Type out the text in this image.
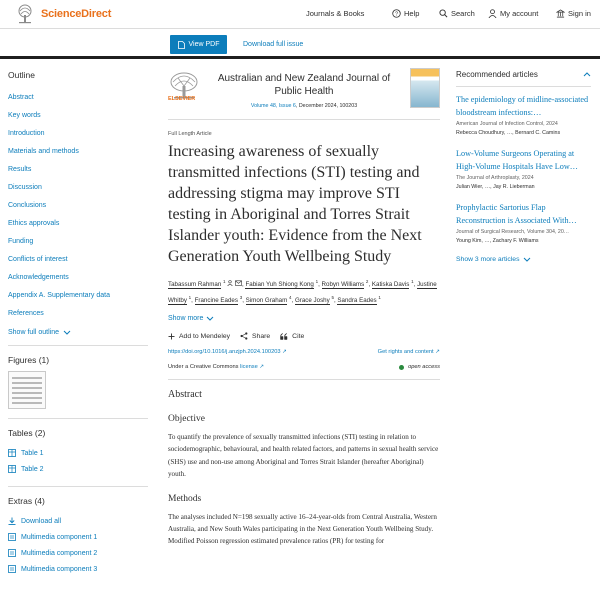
ScienceDirect	Journals & Books	? Help	Search	My account	Sign in
View PDF	Download full issue
Outline
Abstract
Key words
Introduction
Materials and methods
Results
Discussion
Conclusions
Ethics approvals
Funding
Conflicts of interest
Acknowledgements
Appendix A. Supplementary data
References
Show full outline
Figures (1)
Tables (2)
Table 1
Table 2
Extras (4)
Download all
Multimedia component 1
Multimedia component 2
Multimedia component 3
ELSEVIER
Australian and New Zealand Journal of Public Health
Volume 48, Issue 6, December 2024, 100203
Full Length Article
Increasing awareness of sexually transmitted infections (STI) testing and addressing stigma may improve STI testing in Aboriginal and Torres Strait Islander youth: Evidence from the Next Generation Youth Wellbeing Study
Tabassum Rahman $^1$	, Fabian Yuh Shiong Kong $^1$, Robyn Williams $^2$, Katiska Davis $^1$, Justine Whitby $^1$, Francine Eades $^3$, Simon Graham $^4$, Grace Joshy $^5$, Sandra Eades $^1$
Show more
Add to Mendeley	Share	Cite
https://doi.org/10.1016/j.anzjph.2024.100203 ↗	Get rights and content ↗
Under a Creative Commons license ↗	open access
Abstract
Objective

To quantify the prevalence of sexually transmitted infections (STI) testing in relation to sociodemographic, behavioural, and health related factors, and patterns in sexual health service (SHS) use and non-use among Aboriginal and Torres Strait Islander (hereafter Aboriginal) youth.

Methods

The analyses included N=198 sexually active 16–24-year-olds from Central Australia, Western Australia, and New South Wales participating in the Next Generation Youth Wellbeing Study. Modified Poisson regression estimated prevalence ratios (PR) for testing for

Recommended articles
The epidemiology of midline-associated bloodstream infections:…
American Journal of Infection Control, 2024
Rebecca Choudhury, …, Bernard C. Camins
Low-Volume Surgeons Operating at High-Volume Hospitals Have Low…
The Journal of Arthroplasty, 2024
Julian Wier, …, Jay R. Lieberman
Prophylactic Sartorius Flap Reconstruction is Associated With…
Journal of Surgical Research, Volume 304, 20…
Young Kim, …, Zachary F. Williams
Show 3 more articles
